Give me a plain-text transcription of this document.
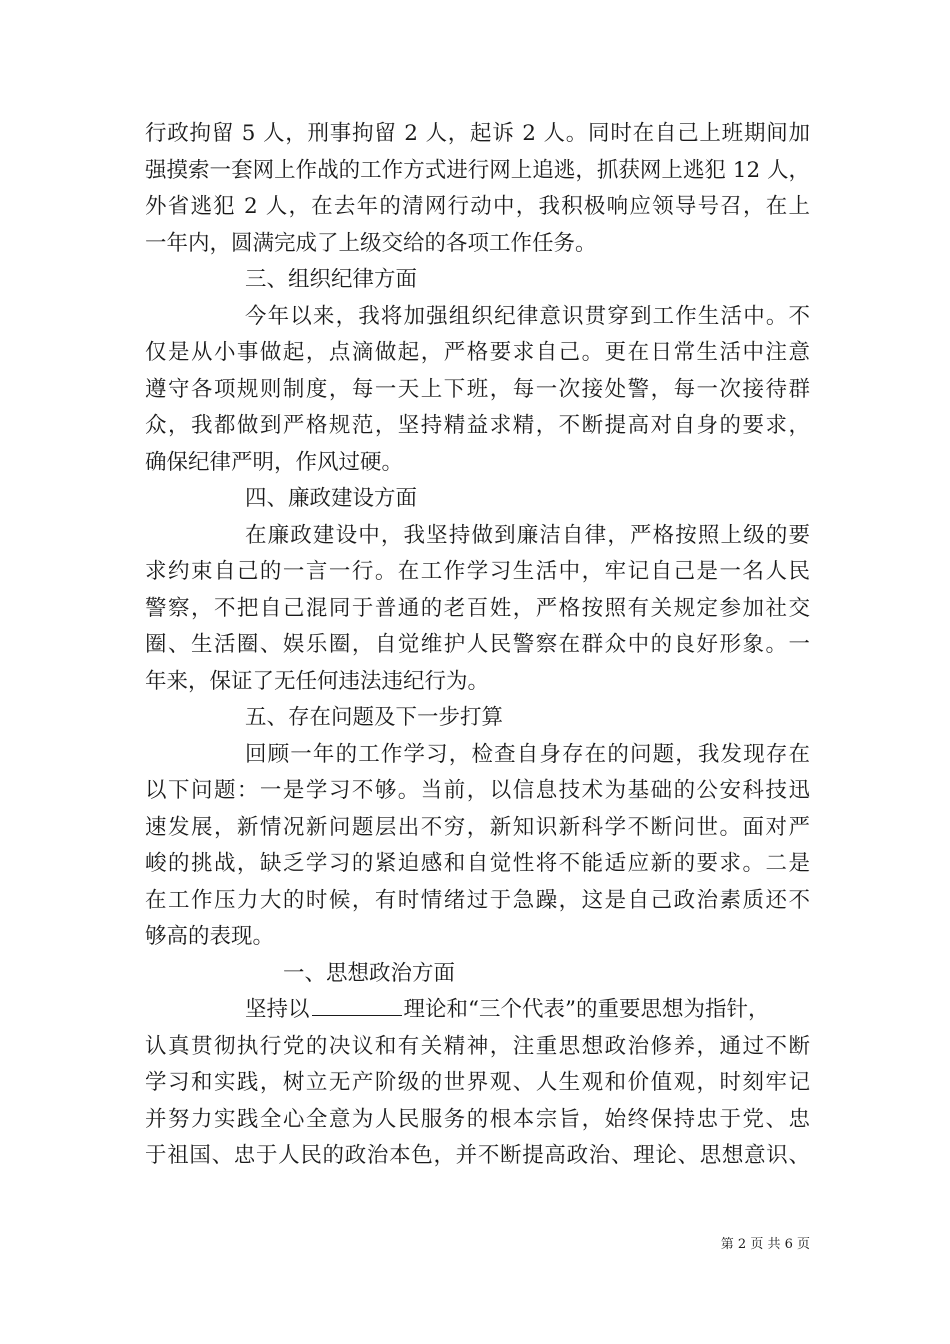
行政拘留 5 人，刑事拘留 2 人，起诉 2 人。同时在自己上班期间加
强摸索一套网上作战的工作方式进行网上追逃，抓获网上逃犯 12 人，
外省逃犯 2 人，在去年的清网行动中，我积极响应领导号召，在上
一年内，圆满完成了上级交给的各项工作任务。
三、组织纪律方面
今年以来，我将加强组织纪律意识贯穿到工作生活中。不
仅是从小事做起，点滴做起，严格要求自己。更在日常生活中注意
遵守各项规则制度，每一天上下班，每一次接处警，每一次接待群
众，我都做到严格规范，坚持精益求精，不断提高对自身的要求，
确保纪律严明，作风过硬。
四、廉政建设方面
在廉政建设中，我坚持做到廉洁自律，严格按照上级的要
求约束自己的一言一行。在工作学习生活中，牢记自己是一名人民
警察，不把自己混同于普通的老百姓，严格按照有关规定参加社交
圈、生活圈、娱乐圈，自觉维护人民警察在群众中的良好形象。一
年来，保证了无任何违法违纪行为。
五、存在问题及下一步打算
回顾一年的工作学习，检查自身存在的问题，我发现存在
以下问题：一是学习不够。当前，以信息技术为基础的公安科技迅
速发展，新情况新问题层出不穷，新知识新科学不断问世。面对严
峻的挑战，缺乏学习的紧迫感和自觉性将不能适应新的要求。二是
在工作压力大的时候，有时情绪过于急躁，这是自己政治素质还不
够高的表现。
一、思想政治方面
坚持以	理论和“三个代表”的重要思想为指针，
认真贯彻执行党的决议和有关精神，注重思想政治修养，通过不断
学习和实践，树立无产阶级的世界观、人生观和价值观，时刻牢记
并努力实践全心全意为人民服务的根本宗旨，始终保持忠于党、忠
于祖国、忠于人民的政治本色，并不断提高政治、理论、思想意识、
第 2 页 共 6 页
